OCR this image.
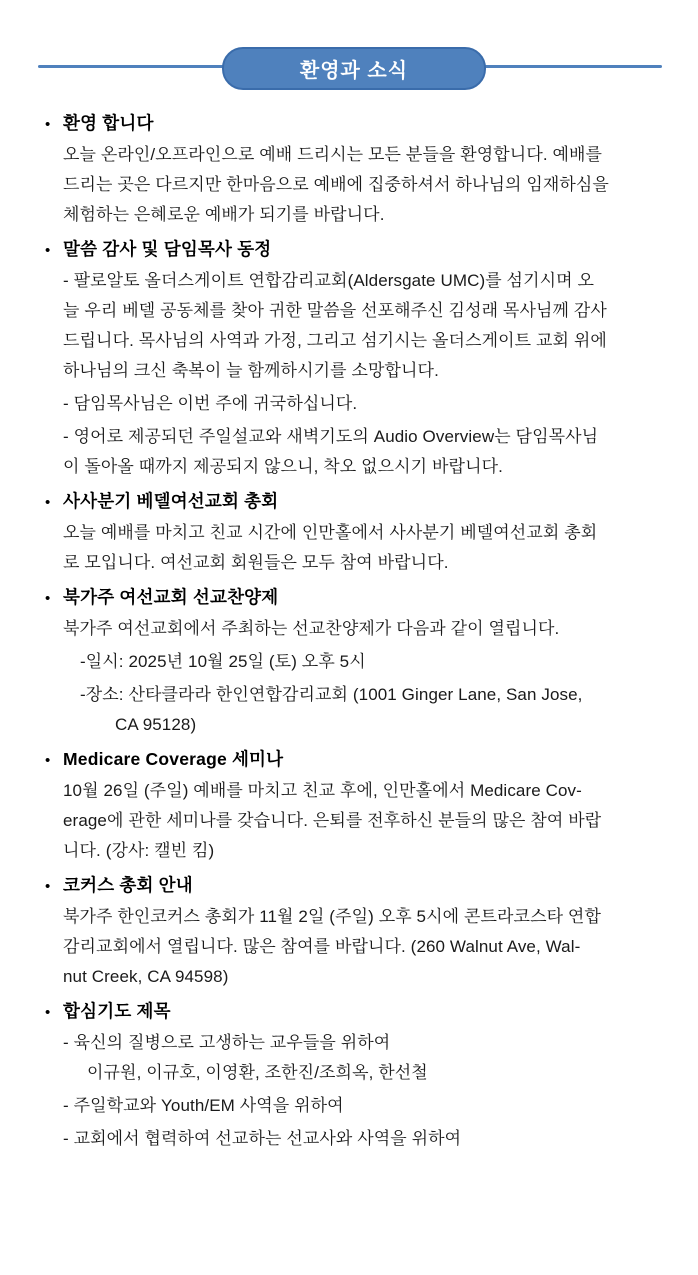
환영과 소식
• 환영 합니다

오늘 온라인/오프라인으로 예배 드리시는 모든 분들을 환영합니다. 예배를

드리는 곳은 다르지만 한마음으로 예배에 집중하셔서 하나님의 임재하심을

체험하는 은혜로운 예배가 되기를 바랍니다.

• 말씀 감사 및 담임목사 동정

- 팔로알토 올더스게이트 연합감리교회(Aldersgate UMC)를 섬기시며 오

늘 우리 베델 공동체를 찾아 귀한 말씀을 선포해주신 김성래 목사님께 감사

드립니다. 목사님의 사역과 가정, 그리고 섬기시는 올더스게이트 교회 위에

하나님의 크신 축복이 늘 함께하시기를 소망합니다.

- 담임목사님은 이번 주에 귀국하십니다.

- 영어로 제공되던 주일설교와 새벽기도의 Audio Overview는 담임목사님

이 돌아올 때까지 제공되지 않으니, 착오 없으시기 바랍니다.

• 사사분기 베델여선교회 총회

오늘 예배를 마치고 친교 시간에 인만홀에서 사사분기 베델여선교회 총회

로 모입니다. 여선교회 회원들은 모두 참여 바랍니다.

• 북가주 여선교회 선교찬양제

북가주 여선교회에서 주최하는 선교찬양제가 다음과 같이 열립니다.

-일시: 2025년 10월 25일 (토) 오후 5시

-장소: 산타클라라 한인연합감리교회 (1001 Ginger Lane, San Jose,

CA 95128)

• Medicare Coverage 세미나

10월 26일 (주일) 예배를 마치고 친교 후에, 인만홀에서 Medicare Cov-

erage에 관한 세미나를 갖습니다. 은퇴를 전후하신 분들의 많은 참여 바랍

니다. (강사: 캘빈 킴)

• 코커스 총회 안내

북가주 한인코커스 총회가 11월 2일 (주일) 오후 5시에 콘트라코스타 연합

감리교회에서 열립니다. 많은 참여를 바랍니다. (260 Walnut Ave, Wal-

nut Creek, CA 94598)

• 합심기도 제목

- 육신의 질병으로 고생하는 교우들을 위하여

이규원, 이규호, 이영환, 조한진/조희옥, 한선철

- 주일학교와 Youth/EM 사역을 위하여

- 교회에서 협력하여 선교하는 선교사와 사역을 위하여
